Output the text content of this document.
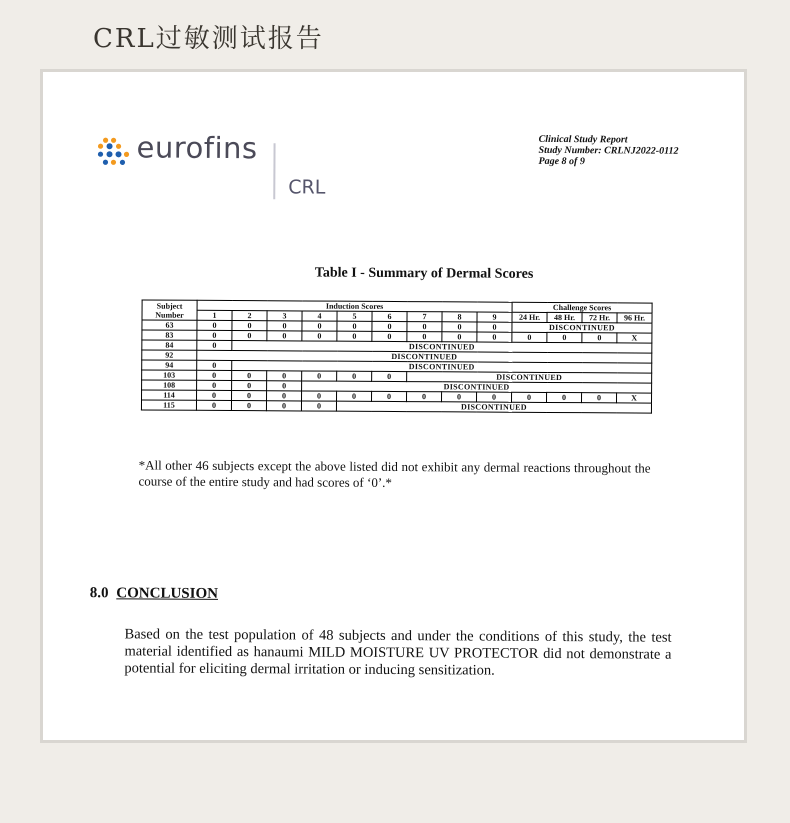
CRL过敏测试报告
eurofins
CRL
Clinical Study Report
Study Number: CRLNJ2022-0112
Page 8 of 9
Table I - Summary of Dermal Scores
Subject Number	Induction Scores									Challenge Scores			
	1	2	3	4	5	6	7	8	9	24 Hr.	48 Hr.	72 Hr.	96 Hr.
63	0	0	0	0	0	0	0	0	0	DISCONTINUED			
83	0	0	0	0	0	0	0	0	0	0	0	0	X
84	0	DISCONTINUED											
92	DISCONTINUED												
94	0	DISCONTINUED											
103	0	0	0	0	0	0	DISCONTINUED						
108	0	0	0	DISCONTINUED									
114	0	0	0	0	0	0	0	0	0	0	0	0	X
115	0	0	0	0	DISCONTINUED								
*All other 46 subjects except the above listed did not exhibit any dermal reactions throughout the course of the entire study and had scores of ‘0’.*
8.0 CONCLUSION
Based on the test population of 48 subjects and under the conditions of this study, the test material identified as hanaumi MILD MOISTURE UV PROTECTOR did not demonstrate a potential for eliciting dermal irritation or inducing sensitization.
